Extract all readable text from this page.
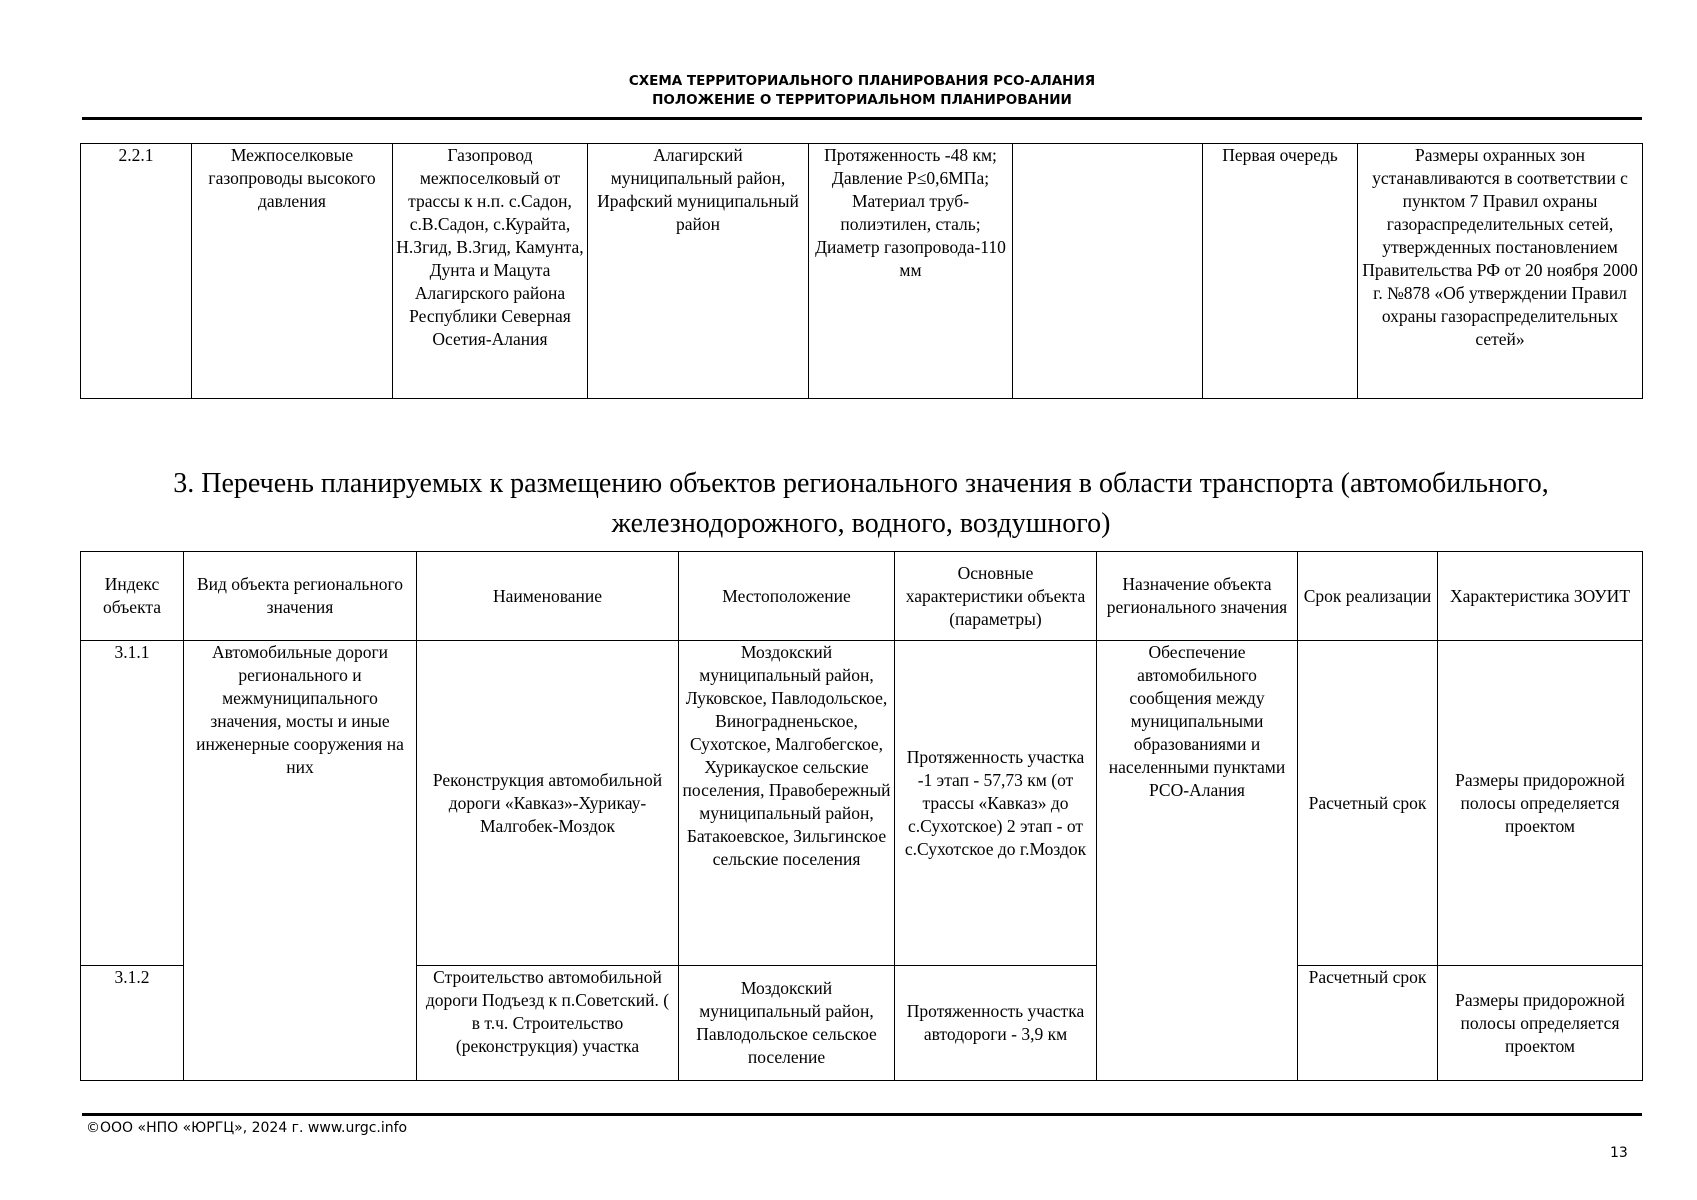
СХЕМА ТЕРРИТОРИАЛЬНОГО ПЛАНИРОВАНИЯ РСО-АЛАНИЯ
ПОЛОЖЕНИЕ О ТЕРРИТОРИАЛЬНОМ ПЛАНИРОВАНИИ
2.2.1	Межпоселковые газопроводы высокого давления	Газопровод межпоселковый от трассы к н.п. с.Садон, с.В.Садон, с.Курайта, Н.Згид, В.Згид, Камунта, Дунта и Мацута Алагирского района Республики Северная Осетия-Алания	Алагирский муниципальный район, Ирафский муниципальный район	Протяженность -48 км; Давление P≤0,6МПа; Материал труб-полиэтилен, сталь; Диаметр газопровода-110 мм		Первая очередь	Размеры охранных зон устанавливаются в соответствии с пунктом 7 Правил охраны газораспределительных сетей, утвержденных постановлением Правительства РФ от 20 ноября 2000 г. №878 «Об утверждении Правил охраны газораспределительных сетей»
3. Перечень планируемых к размещению объектов регионального значения в области транспорта (автомобильного, железнодорожного, водного, воздушного)
Индекс объекта	Вид объекта регионального значения	Наименование	Местоположение	Основные характеристики объекта (параметры)	Назначение объекта регионального значения	Срок реализации	Характеристика ЗОУИТ
3.1.1	Автомобильные дороги регионального и межмуниципального значения, мосты и иные инженерные сооружения на них	Реконструкция автомобильной дороги «Кавказ»-Хурикау-Малгобек-Моздок	Моздокский муниципальный район, Луковское, Павлодольское, Виноградненьское, Сухотское, Малгобегское, Хурикауское сельские поселения, Правобережный муниципальный район, Батакоевское, Зильгинское сельские поселения	Протяженность участка -1 этап - 57,73 км (от трассы «Кавказ» до с.Сухотское) 2 этап - от с.Сухотское до г.Моздок	Обеспечение автомобильного сообщения между муниципальными образованиями и населенными пунктами РСО-Алания	Расчетный срок	Размеры придорожной полосы определяется проектом
3.1.2		Строительство автомобильной дороги Подъезд к п.Советский. ( в т.ч. Строительство (реконструкция) участка	Моздокский муниципальный район, Павлодольское сельское поселение	Протяженность участка автодороги - 3,9 км		Расчетный срок	Размеры придорожной полосы определяется проектом
©ООО «НПО «ЮРГЦ», 2024 г. www.urgc.info
13
